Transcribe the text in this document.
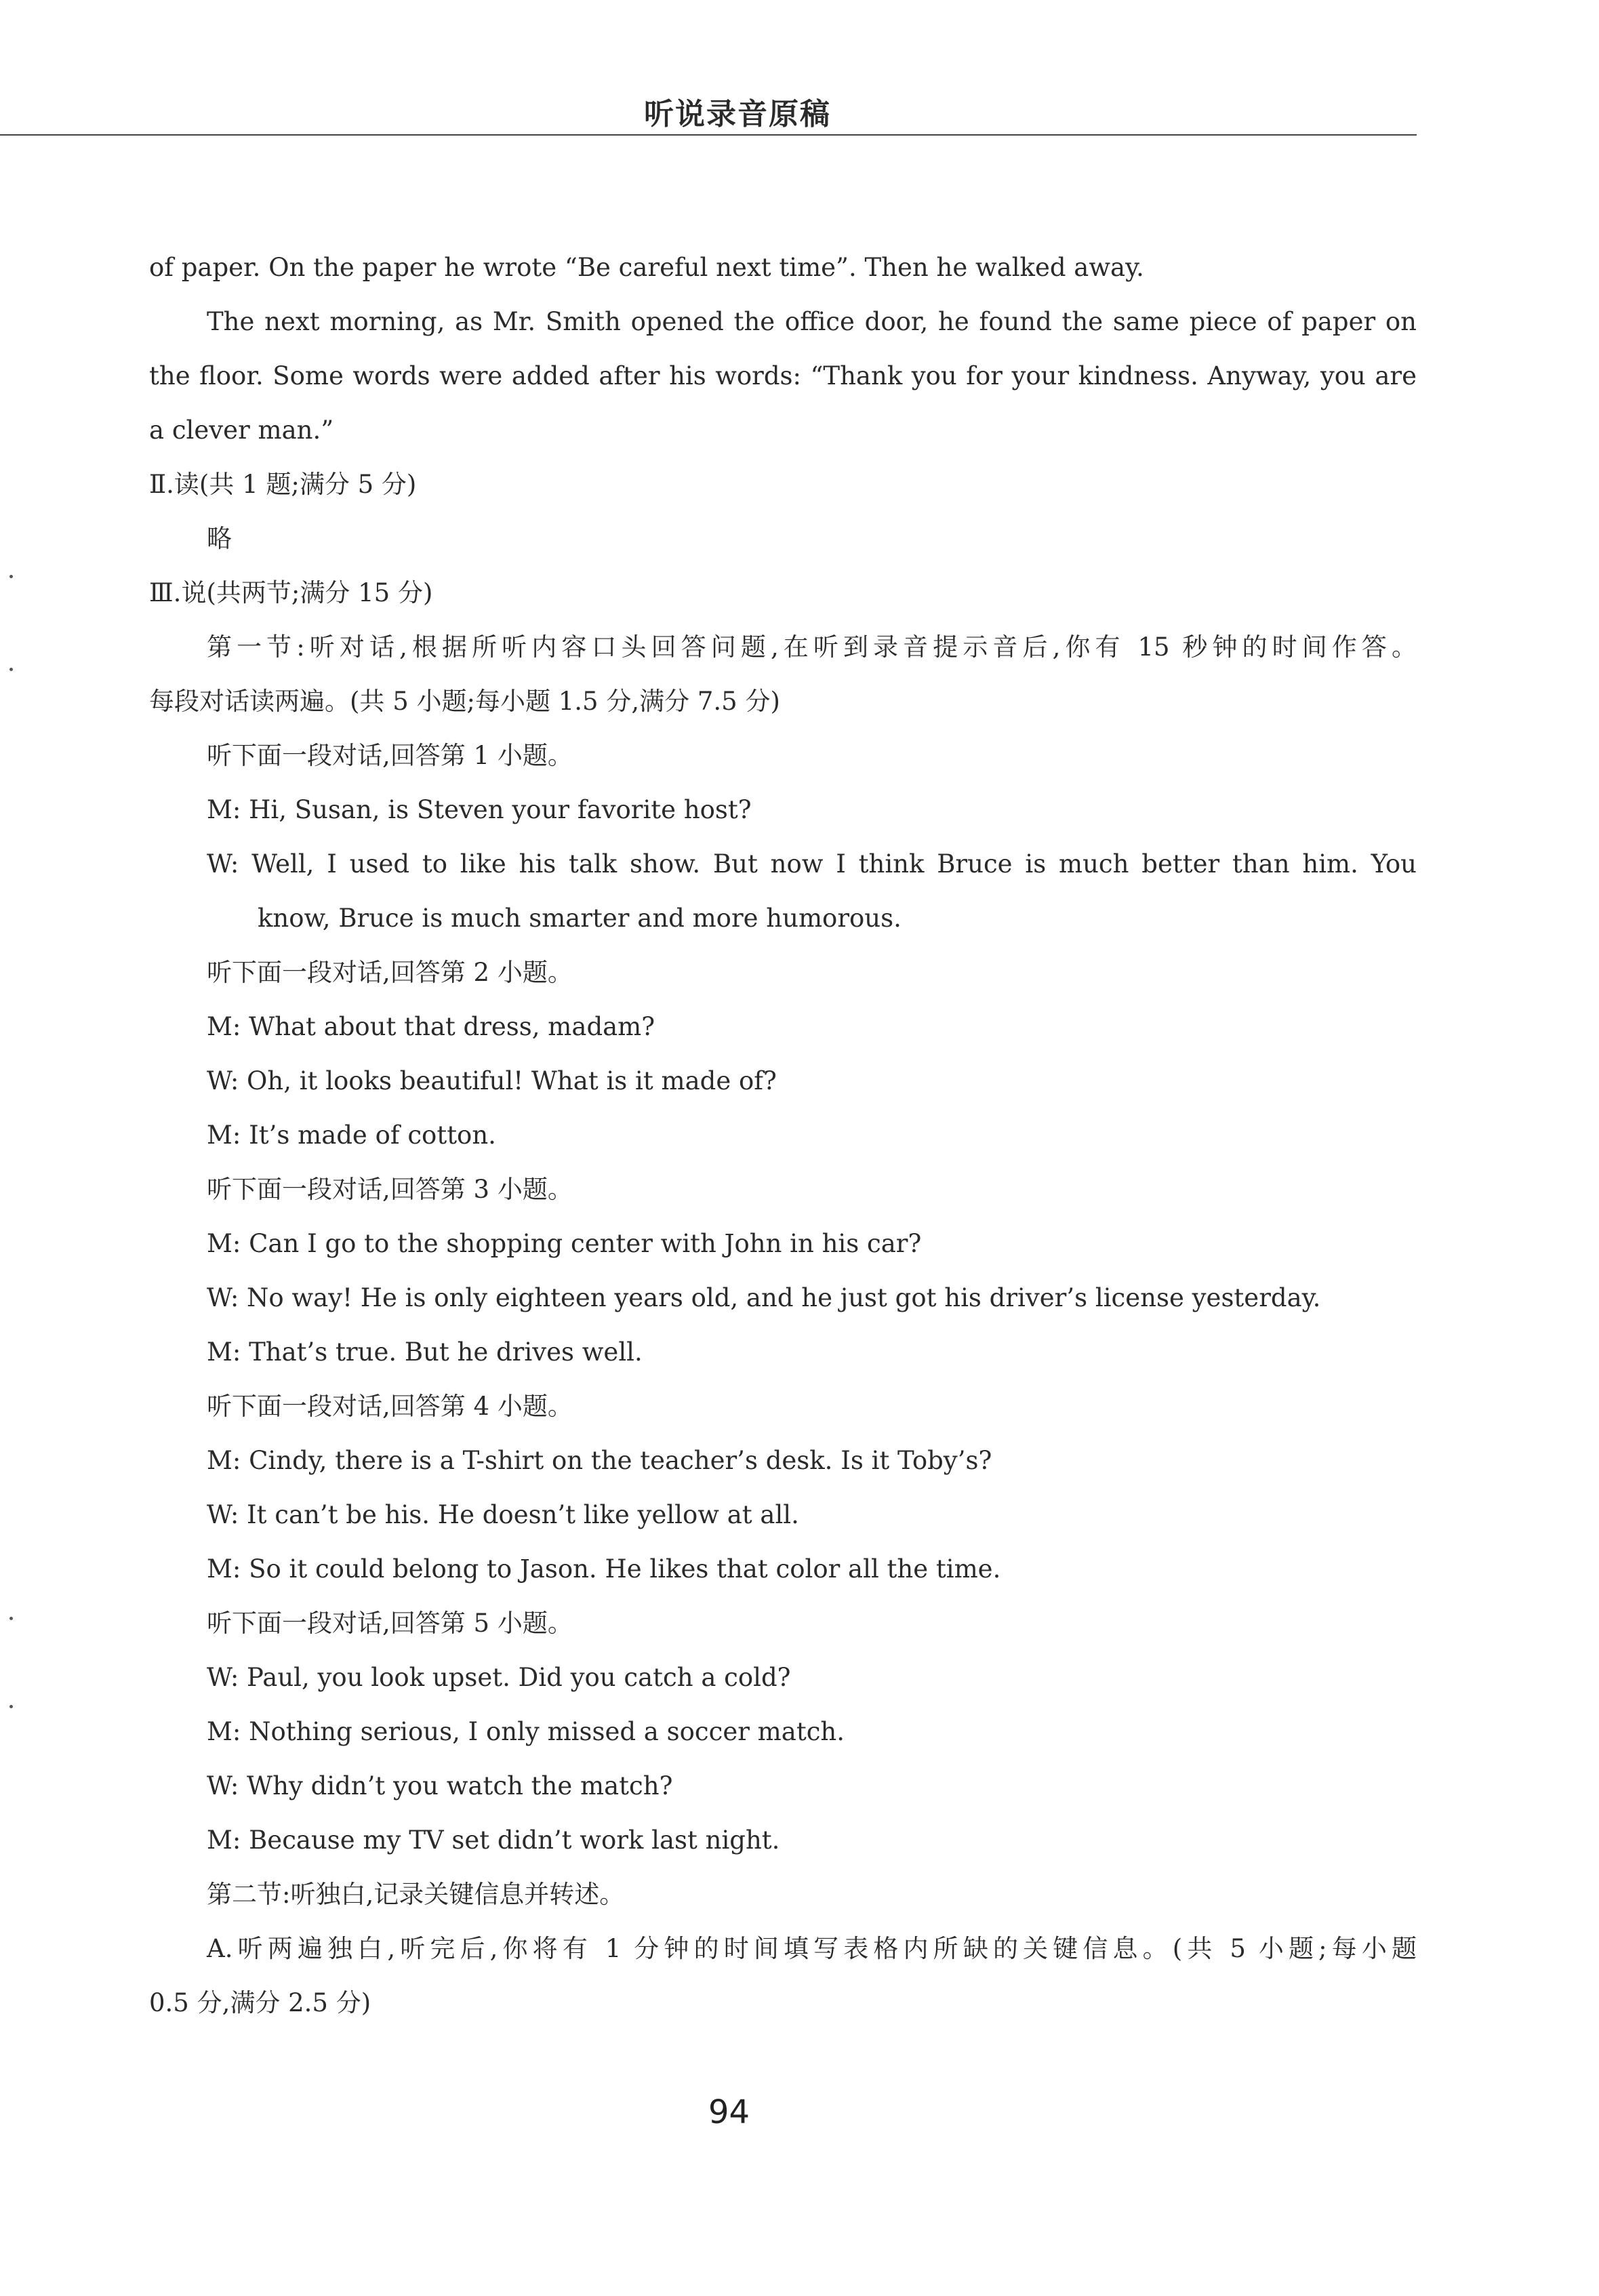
听说录音原稿
of paper. On the paper he wrote “Be careful next time”. Then he walked away.
The next morning, as Mr. Smith opened the office door, he found the same piece of paper on
the floor. Some words were added after his words: “Thank you for your kindness. Anyway, you are
a clever man.”
Ⅱ.读(共 1 题;满分 5 分)
略
Ⅲ.说(共两节;满分 15 分)
第一节:听对话,根据所听内容口头回答问题,在听到录音提示音后,你有 15 秒钟的时间作答。
每段对话读两遍。(共 5 小题;每小题 1.5 分,满分 7.5 分)
听下面一段对话,回答第 1 小题。
M: Hi, Susan, is Steven your favorite host?
W: Well, I used to like his talk show. But now I think Bruce is much better than him. You
know, Bruce is much smarter and more humorous.
听下面一段对话,回答第 2 小题。
M: What about that dress, madam?
W: Oh, it looks beautiful! What is it made of?
M: It’s made of cotton.
听下面一段对话,回答第 3 小题。
M: Can I go to the shopping center with John in his car?
W: No way! He is only eighteen years old, and he just got his driver’s license yesterday.
M: That’s true. But he drives well.
听下面一段对话,回答第 4 小题。
M: Cindy, there is a T-shirt on the teacher’s desk. Is it Toby’s?
W: It can’t be his. He doesn’t like yellow at all.
M: So it could belong to Jason. He likes that color all the time.
听下面一段对话,回答第 5 小题。
W: Paul, you look upset. Did you catch a cold?
M: Nothing serious, I only missed a soccer match.
W: Why didn’t you watch the match?
M: Because my TV set didn’t work last night.
第二节:听独白,记录关键信息并转述。
A.听两遍独白,听完后,你将有 1 分钟的时间填写表格内所缺的关键信息。(共 5 小题;每小题
0.5 分,满分 2.5 分)
94
